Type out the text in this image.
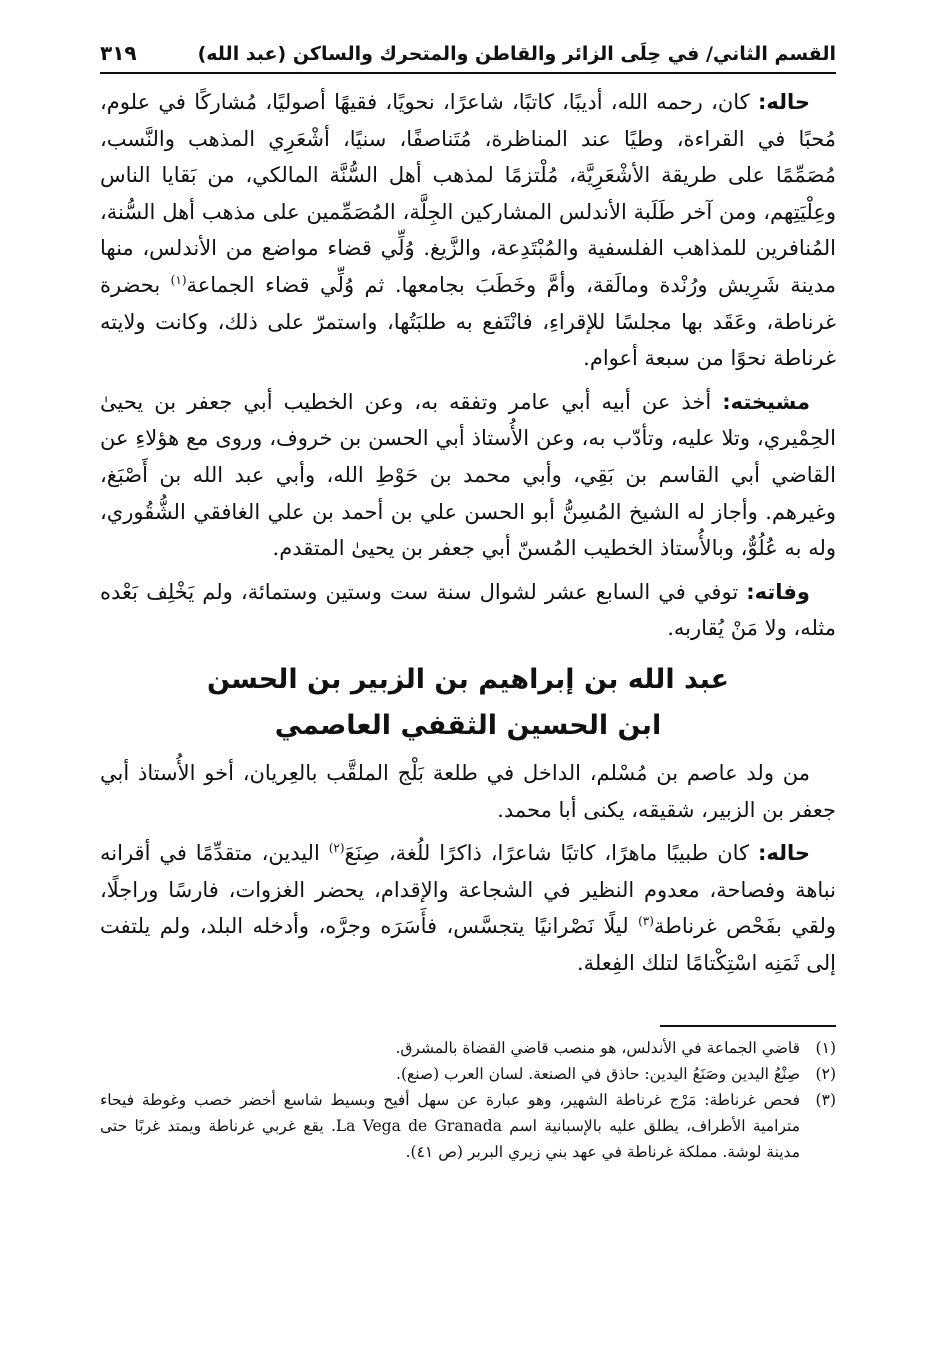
القسم الثاني/ في حِلَى الزائر والقاطن والمتحرك والساكن (عبد الله)
٣١٩

حاله: كان، رحمه الله، أديبًا، كاتبًا، شاعرًا، نحويًا، فقيهًا أصوليًا، مُشاركًا في علوم، مُحبًا في القراءة، وطيًا عند المناظرة، مُتَناصفًا، سنيًا، أشْعَرِي المذهب والنَّسب، مُصَمِّمًا على طريقة الأشْعَرِيَّة، مُلْتزمًا لمذهب أهل السُّنَّة المالكي، من بَقايا الناس وعِلْيَتِهم، ومن آخر طَلَبة الأندلس المشاركين الجِلَّة، المُصَمِّمين على مذهب أهل السُّنة، المُنافرين للمذاهب الفلسفية والمُبْتَدِعة، والزَّيغ. وُلِّي قضاء مواضع من الأندلس، منها مدينة شَرِيش ورُنْدة ومالَقة، وأمَّ وخَطَبَ بجامعها. ثم وُلِّي قضاء الجماعة$^{(١)}$ بحضرة غرناطة، وعَقَد بها مجلسًا للإقراءِ، فانْتَفع به طلبَتُها، واستمرّ على ذلك، وكانت ولايته غرناطة نحوًا من سبعة أعوام.

مشيخته: أخذ عن أبيه أبي عامر وتفقه به، وعن الخطيب أبي جعفر بن يحيىٰ الحِمْيري، وتلا عليه، وتأدّب به، وعن الأُستاذ أبي الحسن بن خروف، وروى مع هؤلاءِ عن القاضي أبي القاسم بن بَقِي، وأبي محمد بن حَوْطِ الله، وأبي عبد الله بن أَصْبَغ، وغيرهم. وأجاز له الشيخ المُسِنُّ أبو الحسن علي بن أحمد بن علي الغافقي الشُّقُوري، وله به عُلُوٌّ، وبالأُستاذ الخطيب المُسنّ أبي جعفر بن يحيىٰ المتقدم.

وفاته: توفي في السابع عشر لشوال سنة ست وستين وستمائة، ولم يَخْلِف بَعْده مثله، ولا مَنْ يُقاربه.

عبد الله بن إبراهيم بن الزبير بن الحسن
ابن الحسين الثقفي العاصمي

من ولد عاصم بن مُسْلم، الداخل في طلعة بَلْج الملقَّب بالعِريان، أخو الأُستاذ أبي جعفر بن الزبير، شقيقه، يكنى أبا محمد.

حاله: كان طبيبًا ماهرًا، كاتبًا شاعرًا، ذاكرًا للُغة، صِنَعَ$^{(٢)}$ اليدين، متقدِّمًا في أقرانه نباهة وفصاحة، معدوم النظير في الشجاعة والإقدام، يحضر الغزوات، فارسًا وراجلًا، ولقي بفَحْص غرناطة$^{(٣)}$ ليلًا نَصْرانيًا يتجسَّس، فأَسَرَه وجرَّه، وأدخله البلد، ولم يلتفت إلى ثَمَنِه اسْتِكْتامًا لتلك الفِعلة.

(١)
قاضي الجماعة في الأندلس، هو منصب قاضي القضاة بالمشرق.

(٢)
صِنْعُ اليدين وصَنَعُ اليدين: حاذق في الصنعة. لسان العرب (صنع).

(٣)
فحص غرناطة: مَرْج غرناطة الشهير، وهو عبارة عن سهل أفيح وبسيط شاسع أخضر خصب وغوطة فيحاء مترامية الأطراف، يطلق عليه بالإسبانية اسم La Vega de Granada. يقع غربي غرناطة ويمتد غربًا حتى مدينة لوشة. مملكة غرناطة في عهد بني زيري البربر (ص ٤١).
